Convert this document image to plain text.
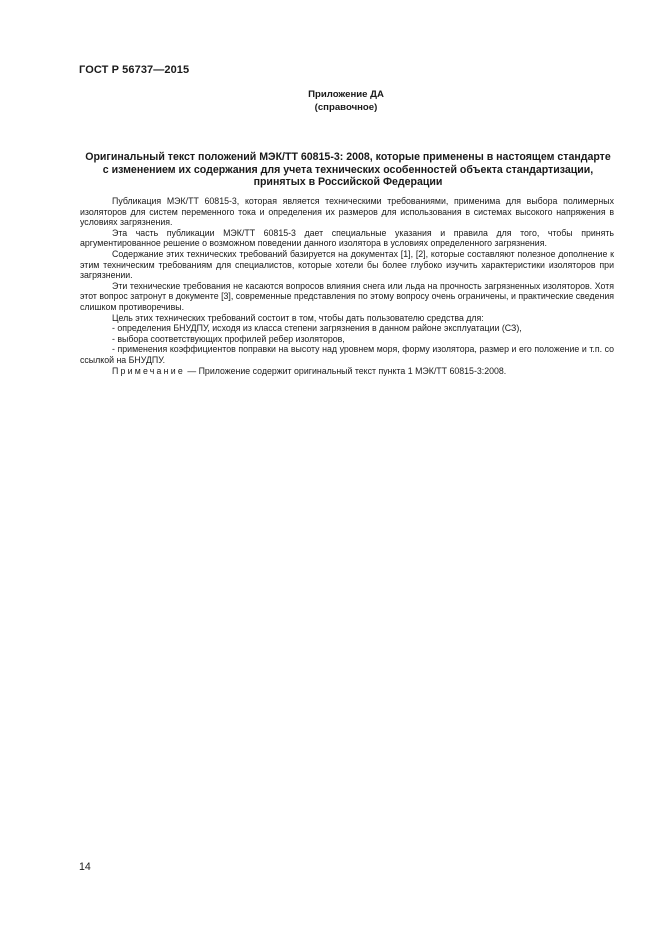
ГОСТ Р 56737—2015
Приложение ДА
(справочное)
Оригинальный текст положений МЭК/ТТ 60815-3: 2008, которые применены в настоящем стандарте с изменением их содержания для учета технических особенностей объекта стандартизации, принятых в Российской Федерации

Публикация МЭК/ТТ 60815-3, которая является техническими требованиями, применима для выбора полимерных изоляторов для систем переменного тока и определения их размеров для использования в системах высокого напряжения в условиях загрязнения.

Эта часть публикации МЭК/ТТ 60815-3 дает специальные указания и правила для того, чтобы принять аргументированное решение о возможном поведении данного изолятора в условиях определенного загрязнения.

Содержание этих технических требований базируется на документах [1], [2], которые составляют полезное дополнение к этим техническим требованиям для специалистов, которые хотели бы более глубоко изучить характеристики изоляторов при загрязнении.

Эти технические требования не касаются вопросов влияния снега или льда на прочность загрязненных изоляторов. Хотя этот вопрос затронут в документе [3], современные представления по этому вопросу очень ограничены, и практические сведения слишком противоречивы.

Цель этих технических требований состоит в том, чтобы дать пользователю средства для:

- определения БНУДПУ, исходя из класса степени загрязнения в данном районе эксплуатации (СЗ),

- выбора соответствующих профилей ребер изоляторов,

- применения коэффициентов поправки на высоту над уровнем моря, форму изолятора, размер и его положение и т.п. со ссылкой на БНУДПУ.

Примечание — Приложение содержит оригинальный текст пункта 1 МЭК/ТТ 60815-3:2008.

14
